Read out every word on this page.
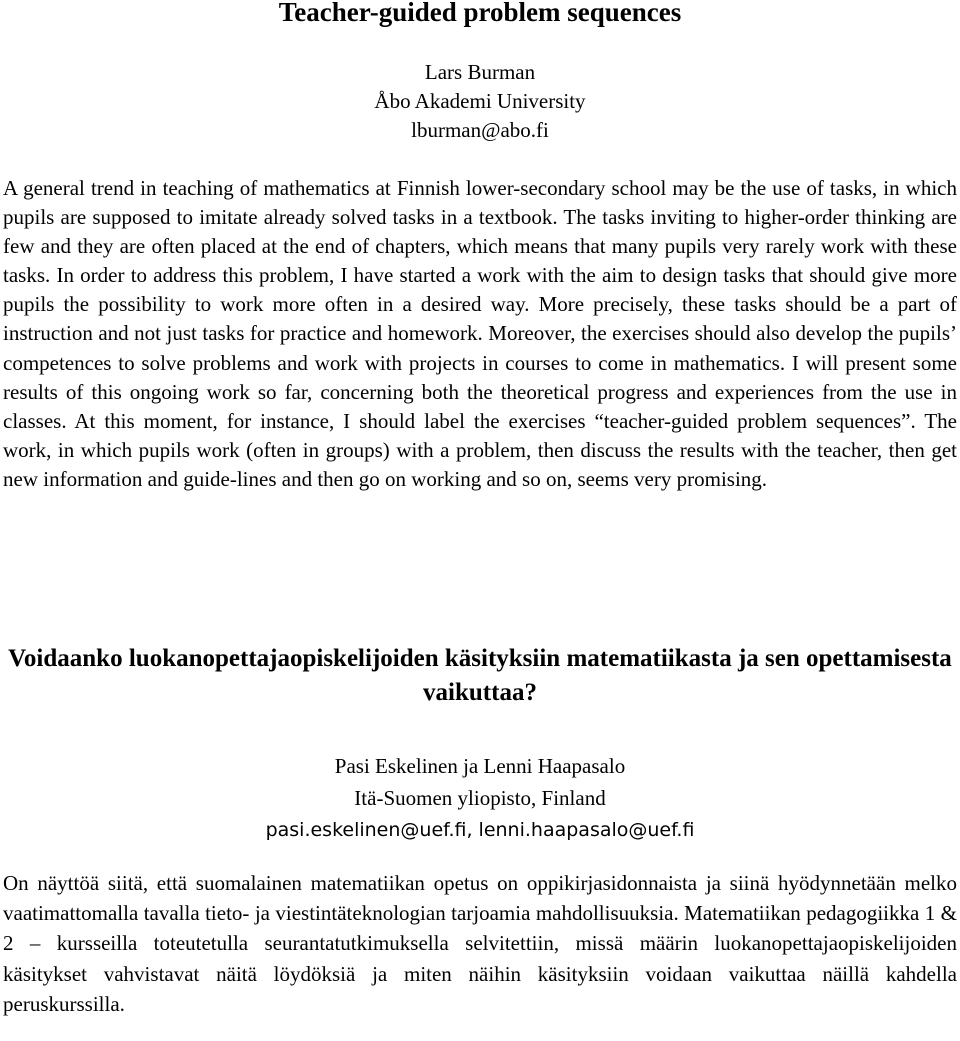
Teacher-guided problem sequences
Lars Burman
Åbo Akademi University
lburman@abo.fi

A general trend in teaching of mathematics at Finnish lower-secondary school may be the use of tasks, in which pupils are supposed to imitate already solved tasks in a textbook. The tasks inviting to higher-order thinking are few and they are often placed at the end of chapters, which means that many pupils very rarely work with these tasks. In order to address this problem, I have started a work with the aim to design tasks that should give more pupils the possibility to work more often in a desired way. More precisely, these tasks should be a part of instruction and not just tasks for practice and homework. Moreover, the exercises should also develop the pupils’ competences to solve problems and work with projects in courses to come in mathematics. I will present some results of this ongoing work so far, concerning both the theoretical progress and experiences from the use in classes. At this moment, for instance, I should label the exercises “teacher-guided problem sequences”. The work, in which pupils work (often in groups) with a problem, then discuss the results with the teacher, then get new information and guide-lines and then go on working and so on, seems very promising.

Voidaanko luokanopettajaopiskelijoiden käsityksiin matematiikasta ja sen opettamisesta vaikuttaa?
Pasi Eskelinen ja Lenni Haapasalo
Itä-Suomen yliopisto, Finland
pasi.eskelinen@uef.fi, lenni.haapasalo@uef.fi

On näyttöä siitä, että suomalainen matematiikan opetus on oppikirjasidonnaista ja siinä hyödynnetään melko vaatimattomalla tavalla tieto- ja viestintäteknologian tarjoamia mahdollisuuksia. Matematiikan pedagogiikka 1 & 2 – kursseilla toteutetulla seurantatutkimuksella selvitettiin, missä määrin luokanopettajaopiskelijoiden käsitykset vahvistavat näitä löydöksiä ja miten näihin käsityksiin voidaan vaikuttaa näillä kahdella peruskurssilla.
